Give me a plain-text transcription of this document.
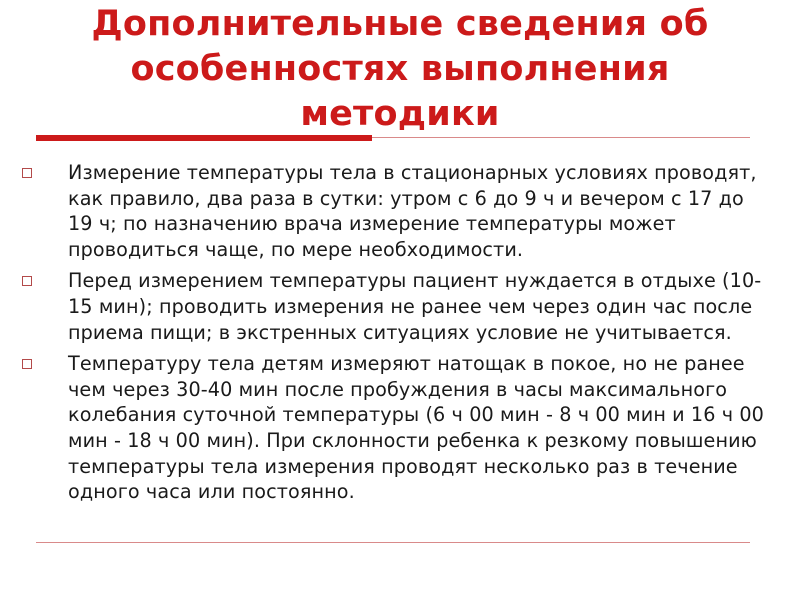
Дополнительные сведения об особенностях выполнения методики
Измерение температуры тела в стационарных условиях проводят, как правило, два раза в сутки: утром с 6 до 9 ч и вечером с 17 до 19 ч; по назначению врача измерение температуры может проводиться чаще, по мере необходимости.
Перед измерением температуры пациент нуждается в отдыхе (10-15 мин); проводить измерения не ранее чем через один час после приема пищи; в экстренных ситуациях условие не учитывается.
Температуру тела детям измеряют натощак в покое, но не ранее чем через 30-40 мин после пробуждения в часы максимального колебания суточной температуры (6 ч 00 мин - 8 ч 00 мин и 16 ч 00 мин - 18 ч 00 мин). При склонности ребенка к резкому повышению температуры тела измерения проводят несколько раз в течение одного часа или постоянно.
